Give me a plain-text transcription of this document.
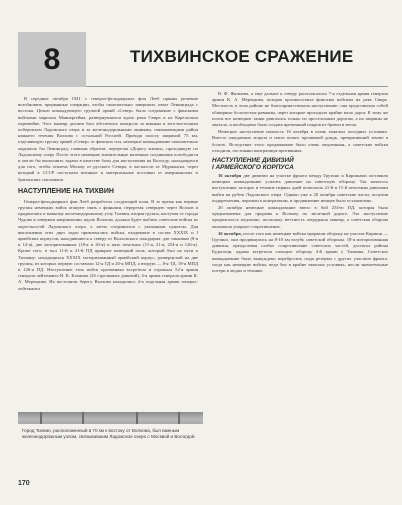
8	ТИХВИНСКОЕ СРАЖЕНИЕ

В середине октября 1941 г. генерал-фельдмаршал фон Лееб принял решение возобновить прерванные операции, чтобы окончательно завершить охват Ленинграда с востока. Целью командующего группой армий «Север» было соединение с финскими войсками маршала Маннергейма, развернувшихся вдоль реки Свирь и на Карельском перешейке. Этот маневр должен был обеспечить контроль за южным и юго-восточным побережьем Ладожского озера и за железнодорожными линиями, связывающими район нижнего течения Волхова с остальной Россией. Проводя полосу шириной 75 км, отделяющую группу армий «Север» от финских сил, немецкое командование окончательно окружило бы Ленинград, главным образом, перерезая «Дорогу жизни», проходящую по Ладожскому озеру. После этого немецкие значительные наземные соединения освободятся и могли бы выполнить задачи в качестве базы для наступления на Вологду, находящуюся для того, чтобы отвлечь Москву от русского Севера, в частности от Мурманска, через который в СССР поступали военные и материальные поставки от американских и британских союзников.

НАСТУПЛЕНИЕ НА ТИХВИН

Генерал-фельдмаршал фон Лееб разработал следующий план. В то время как первые группы немецких войск атакуют связь с финнами, перерезая северную через Волхов и продвигаясь к важному железнодорожному узлу Тихвин, вторая группа, наступая от города Чудово в северном направлении, вдоль Волхова, должна будет выбить советские войска из окрестностей Ладожского озера, а затем соединиться с указанным пунктом. Для выполнения этих двух задач привлекались войска, входившие в состав XXXIX и I армейских корпусов, находившиеся к северу от Волховского плацдарма: две танковые (8-я и 12-я), две моторизованные (18-я и 20-я) и пять пехотных (11-я, 21-я, 254-я и 126-я). Кроме того, в тыл 11-й и 21-й ПД прикрыт немецкий полк, который был на пути к Тихвину: находящихся XXXIX моторизованный армейский корпус, развернутый на две группы, из которых первую составили 12-я ТД и 20-я МПД, а вторую — 8-я ТД, 18-я МПД и 126-я ПД. Наступление этих войск противника встретила и отражала 52-я армия генерала-лейтенанта Н. К. Клыкова (26 стрелковых дивизий), 4-я армия генерала армии К. А. Мерецкова. На восточном берегу Волхова находились 4-я отдельная армия генерал-лейтенанта

В. Ф. Яковлева, а еще дальше к северу располагались 7-я отдельная армия генерала армии К. А. Мерецкова, которая противостояла финским войскам на реке Свирь. Местность в этом районе не благоприятствовала наступлению: она представляла собой обширные болотистые равнины, через которые проходило крайне мало дорог. К тому же почти все немецкие танки двигались только по проселочным дорогам, а их ширины не хватало, и необходимо было создать временный покров из бревен и веток.

Немецкое наступление началось 16 октября в очень тяжелых погодных условиях. Вместо ожидаемых мороза и снега пошел проливной дождь, превративший землю в болото. Вследствие этого продвижение было очень медленным, а советские войска отходили, постоянно контратакуя противника.

НАСТУПЛЕНИЕ ДИВИЗИЙ
I АРМЕЙСКОГО КОРПУСА

16 октября две дивизии на участке фронта между Грузино и Киришами заставили немецкое командование усилить давление на советскую оборону. Так началось наступление, которое в течение первых дней позволило 21-й и 11-й пехотным дивизиям выйти на рубеж Ладожского озера. Однако уже к 20 октября советские части, получив подкрепления, перешли к контратакам, и продвижение немцев было остановлено.

20 октября немецкое командование ввело в бой 254-ю ПД, которая была предназначена для прорыва к Волхову по железной дороге. Это наступление продвигалось медленно, поскольку местность затрудняла маневр, а советская оборона оказывала упорное сопротивление.

16 октября, после того как немецкие войска прорвали оборону на участке Кириши — Грузино, они продвинулись на 8-10 км вглубь советской обороны. 18-я моторизованная дивизия, преодолевая слабое сопротивление советских частей, достигла района Будогощи, однако встретила сильную оборону 4-й армии у Тихвина. Советское командование было вынуждено перебросить сюда резервы с других участков фронта, тогда как немецкие войска, ведя бои в крайне тяжелых условиях, несли значительные потери в людях и технике.

Город Тихвин, расположенный в 70 км к востоку от Волхова, был важным железнодорожным узлом, связывавшим Ладожское озеро с Москвой и Вологдой.
170
